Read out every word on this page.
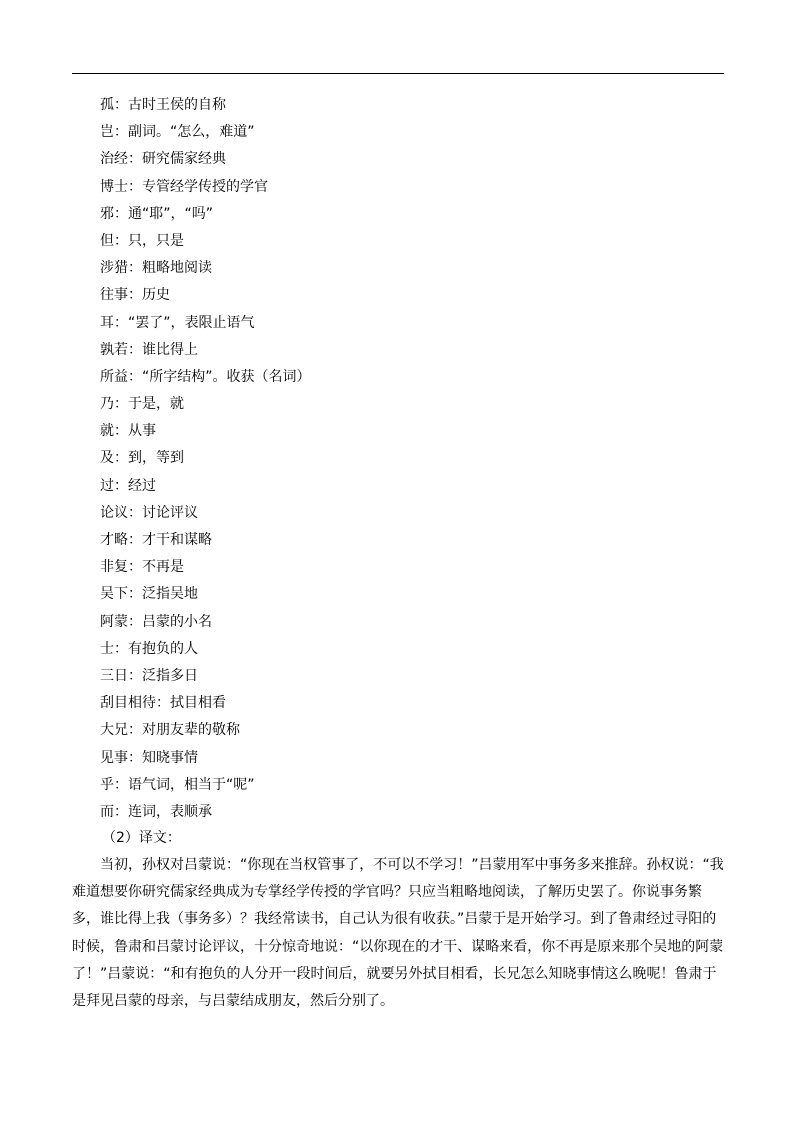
孤：古时王侯的自称
岂：副词。“怎么，难道”
治经：研究儒家经典
博士：专管经学传授的学官
邪：通“耶”，“吗”
但：只，只是
涉猎：粗略地阅读
往事：历史
耳：“罢了”，表限止语气
孰若：谁比得上
所益：“所字结构”。收获（名词）
乃：于是，就
就：从事
及：到，等到
过：经过
论议：讨论评议
才略：才干和谋略
非复：不再是
吴下：泛指吴地
阿蒙：吕蒙的小名
士：有抱负的人
三日：泛指多日
刮目相待：拭目相看
大兄：对朋友辈的敬称
见事：知晓事情
乎：语气词，相当于“呢”
而：连词，表顺承
（2）译文：

当初，孙权对吕蒙说：“你现在当权管事了，不可以不学习！”吕蒙用军中事务多来推辞。孙权说：“我难道想要你研究儒家经典成为专掌经学传授的学官吗？只应当粗略地阅读，了解历史罢了。你说事务繁多，谁比得上我（事务多）？我经常读书，自己认为很有收获。”吕蒙于是开始学习。到了鲁肃经过寻阳的时候，鲁肃和吕蒙讨论评议，十分惊奇地说：“以你现在的才干、谋略来看，你不再是原来那个吴地的阿蒙了！”吕蒙说：“和有抱负的人分开一段时间后，就要另外拭目相看，长兄怎么知晓事情这么晚呢！鲁肃于是拜见吕蒙的母亲，与吕蒙结成朋友，然后分别了。
